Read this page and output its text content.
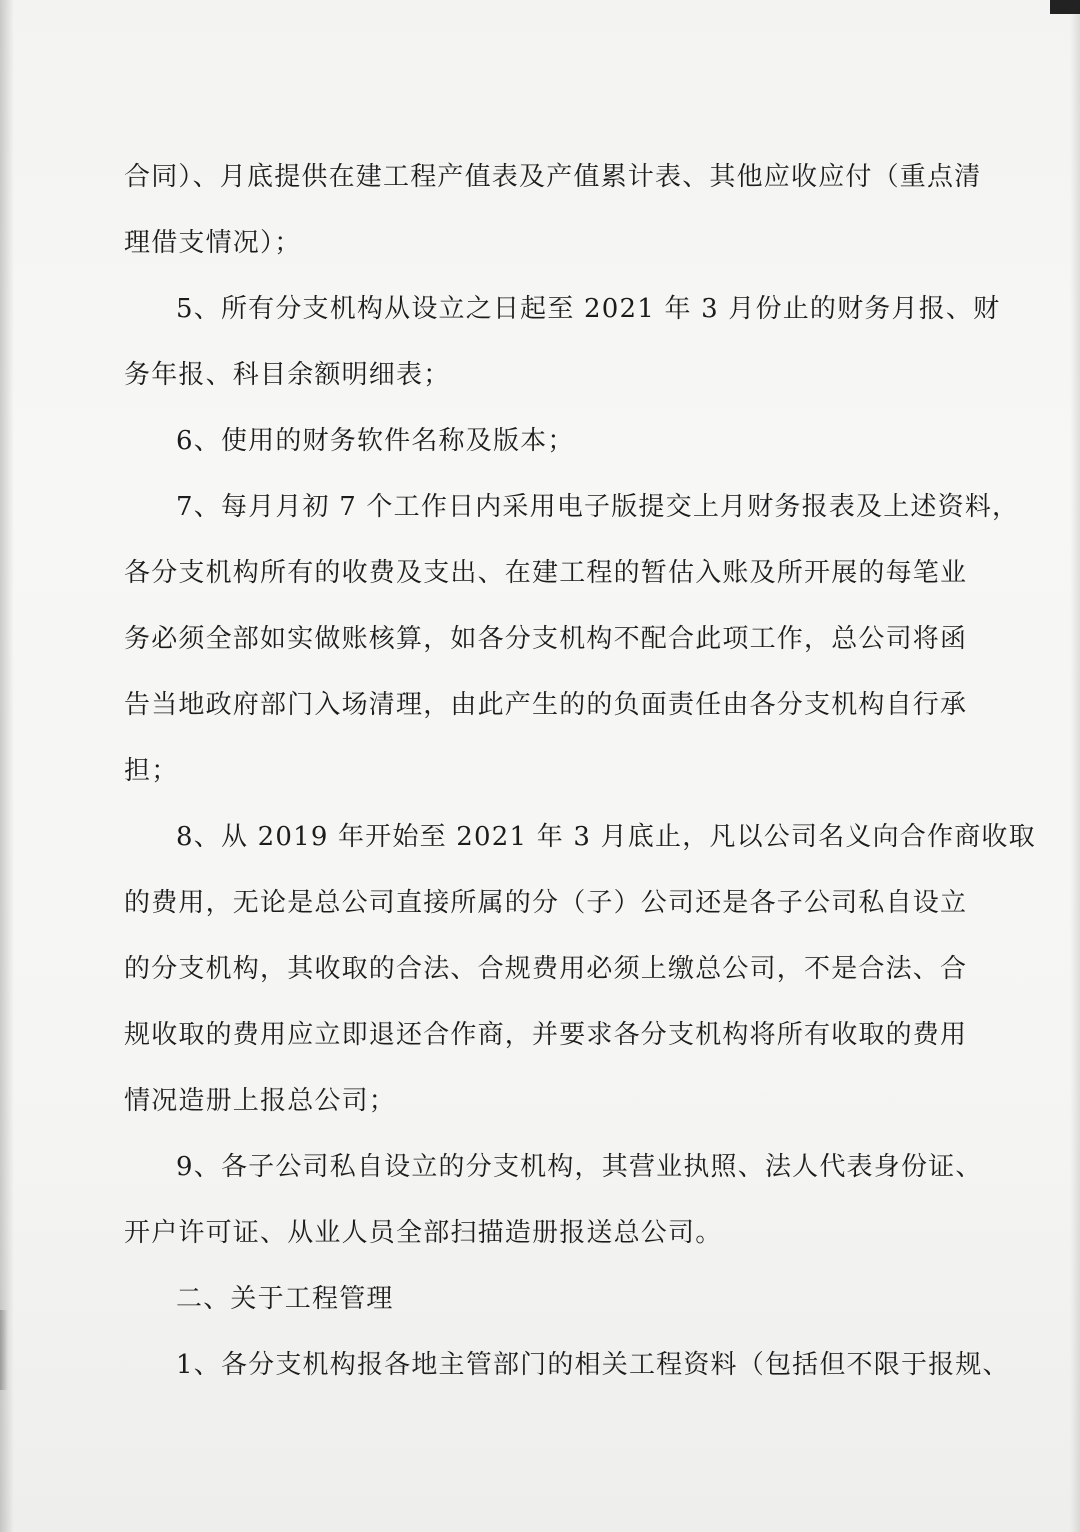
合同）、月底提供在建工程产值表及产值累计表、其他应收应付（重点清
理借支情况）；
5、所有分支机构从设立之日起至 2021 年 3 月份止的财务月报、财
务年报、科目余额明细表；
6、使用的财务软件名称及版本；
7、每月月初 7 个工作日内采用电子版提交上月财务报表及上述资料，
各分支机构所有的收费及支出、在建工程的暂估入账及所开展的每笔业
务必须全部如实做账核算，如各分支机构不配合此项工作，总公司将函
告当地政府部门入场清理，由此产生的的负面责任由各分支机构自行承
担；
8、从 2019 年开始至 2021 年 3 月底止，凡以公司名义向合作商收取
的费用，无论是总公司直接所属的分（子）公司还是各子公司私自设立
的分支机构，其收取的合法、合规费用必须上缴总公司，不是合法、合
规收取的费用应立即退还合作商，并要求各分支机构将所有收取的费用
情况造册上报总公司；
9、各子公司私自设立的分支机构，其营业执照、法人代表身份证、
开户许可证、从业人员全部扫描造册报送总公司。
二、关于工程管理
1、各分支机构报各地主管部门的相关工程资料（包括但不限于报规、
